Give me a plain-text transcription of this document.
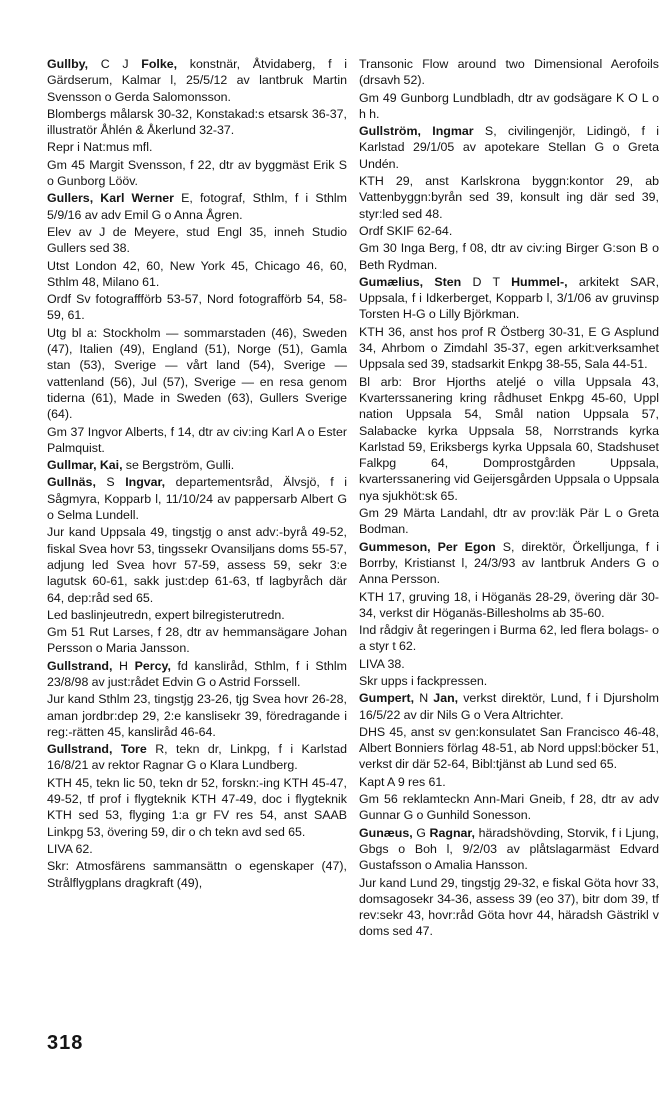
Gullby, C J Folke, konstnär, Åtvidaberg, f i Gärdserum, Kalmar l, 25/5/12 av lantbruk Martin Svensson o Gerda Salomonsson.

Blombergs målarsk 30-32, Konstakad:s etsarsk 36-37, illustratör Åhlén & Åkerlund 32-37.

Repr i Nat:mus mfl.

Gm 45 Margit Svensson, f 22, dtr av byggmäst Erik S o Gunborg Lööv.

Gullers, Karl Werner E, fotograf, Sthlm, f i Sthlm 5/9/16 av adv Emil G o Anna Ågren.

Elev av J de Meyere, stud Engl 35, inneh Studio Gullers sed 38.

Utst London 42, 60, New York 45, Chicago 46, 60, Sthlm 48, Milano 61.

Ordf Sv fotograffförb 53-57, Nord fotografförb 54, 58-59, 61.

Utg bl a: Stockholm — sommarstaden (46), Sweden (47), Italien (49), England (51), Norge (51), Gamla stan (53), Sverige — vårt land (54), Sverige — vattenland (56), Jul (57), Sverige — en resa genom tiderna (61), Made in Sweden (63), Gullers Sverige (64).

Gm 37 Ingvor Alberts, f 14, dtr av civ:ing Karl A o Ester Palmquist.

Gullmar, Kai, se Bergström, Gulli.

Gullnäs, S Ingvar, departementsråd, Älvsjö, f i Sågmyra, Kopparb l, 11/10/24 av pappersarb Albert G o Selma Lundell.

Jur kand Uppsala 49, tingstjg o anst adv:-byrå 49-52, fiskal Svea hovr 53, tingssekr Ovansiljans doms 55-57, adjung led Svea hovr 57-59, assess 59, sekr 3:e lagutsk 60-61, sakk just:dep 61-63, tf lagbyråch där 64, dep:råd sed 65.

Led baslinjeutredn, expert bilregisterutredn.

Gm 51 Rut Larses, f 28, dtr av hemmansägare Johan Persson o Maria Jansson.

Gullstrand, H Percy, fd kanslіråd, Sthlm, f i Sthlm 23/8/98 av just:rådet Edvin G o Astrid Forssell.

Jur kand Sthlm 23, tingstjg 23-26, tjg Svea hovr 26-28, aman jordbr:dep 29, 2:e kanslisekr 39, föredragande i reg:-rätten 45, kanslіråd 46-64.

Gullstrand, Tore R, tekn dr, Linkpg, f i Karlstad 16/8/21 av rektor Ragnar G o Klara Lundberg.

KTH 45, tekn lic 50, tekn dr 52, forskn:-ing KTH 45-47, 49-52, tf prof i flygteknik KTH 47-49, doc i flygteknik KTH sed 53, flyging 1:a gr FV res 54, anst SAAB Linkpg 53, övering 59, dir o ch tekn avd sed 65.

LIVA 62.

Skr: Atmosfärens sammansättn o egenskaper (47), Strålflygplans dragkraft (49),

Transonic Flow around two Dimensional Aerofoils (drsavh 52).

Gm 49 Gunborg Lundbladh, dtr av godsägare K O L o h h.

Gullström, Ingmar S, civilingenjör, Lidingö, f i Karlstad 29/1/05 av apotekare Stellan G o Greta Undén.

KTH 29, anst Karlskrona byggn:kontor 29, ab Vattenbyggn:byrån sed 39, konsult ing där sed 39, styr:led sed 48.

Ordf SKIF 62-64.

Gm 30 Inga Berg, f 08, dtr av civ:ing Birger G:son B o Beth Rydman.

Gumælius, Sten D T Hummel-, arkitekt SAR, Uppsala, f i Idkerberget, Kopparb l, 3/1/06 av gruvinsp Torsten H-G o Lilly Björkman.

KTH 36, anst hos prof R Östberg 30-31, E G Asplund 34, Ahrbom o Zimdahl 35-37, egen arkit:verksamhet Uppsala sed 39, stadsarkit Enkpg 38-55, Sala 44-51.

Bl arb: Bror Hjorths ateljé o villa Uppsala 43, Kvarterssanering kring rådhuset Enkpg 45-60, Uppl nation Uppsala 54, Smål nation Uppsala 57, Salabacke kyrka Uppsala 58, Norrstrands kyrka Karlstad 59, Eriksbergs kyrka Uppsala 60, Stadshuset Falkpg 64, Domprostgården Uppsala, kvarterssanering vid Geijersgården Uppsala o Uppsala nya sjukhöt:sk 65.

Gm 29 Märta Landahl, dtr av prov:läk Pär L o Greta Bodman.

Gummeson, Per Egon S, direktör, Örkelljunga, f i Borrby, Kristianst l, 24/3/93 av lantbruk Anders G o Anna Persson.

KTH 17, gruving 18, i Höganäs 28-29, övering där 30-34, verkst dir Höganäs-Billesholms ab 35-60.

Ind rådgiv åt regeringen i Burma 62, led flera bolags- o a styr t 62.

LIVA 38.

Skr upps i fackpressen.

Gumpert, N Jan, verkst direktör, Lund, f i Djursholm 16/5/22 av dir Nils G o Vera Altrichter.

DHS 45, anst sv gen:konsulatet San Francisco 46-48, Albert Bonniers förlag 48-51, ab Nord uppsl:böcker 51, verkst dir där 52-64, Bibl:tjänst ab Lund sed 65.

Kapt A 9 res 61.

Gm 56 reklamteckn Ann-Mari Gneib, f 28, dtr av adv Gunnar G o Gunhild Sonesson.

Gunæus, G Ragnar, häradshövding, Storvik, f i Ljung, Gbgs o Boh l, 9/2/03 av plåtslagarmäst Edvard Gustafsson o Amalia Hansson.

Jur kand Lund 29, tingstjg 29-32, e fiskal Göta hovr 33, domsagosekr 34-36, assess 39 (eo 37), bitr dom 39, tf rev:sekr 43, hovr:råd Göta hovr 44, häradsh Gästrikl v doms sed 47.

318
